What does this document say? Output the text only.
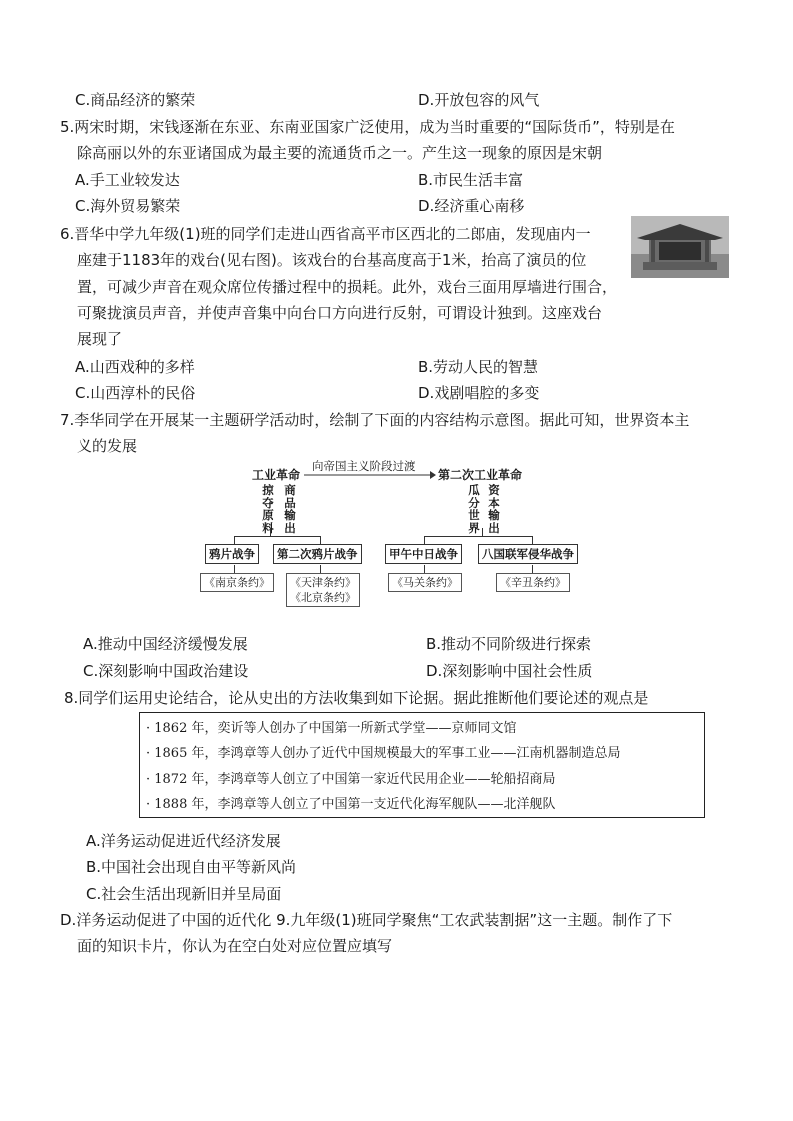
C.商品经济的繁荣	D.开放包容的风气
5.两宋时期，宋钱逐渐在东亚、东南亚国家广泛使用，成为当时重要的“国际货币”，特别是在
除高丽以外的东亚诸国成为最主要的流通货币之一。产生这一现象的原因是宋朝
A.手工业较发达	B.市民生活丰富
C.海外贸易繁荣	D.经济重心南移
6.晋华中学九年级(1)班的同学们走进山西省高平市区西北的二郎庙，发现庙内一
座建于1183年的戏台(见右图)。该戏台的台基高度高于1米，抬高了演员的位
置，可减少声音在观众席位传播过程中的损耗。此外，戏台三面用厚墙进行围合，
可聚拢演员声音，并使声音集中向台口方向进行反射，可谓设计独到。这座戏台
展现了
A.山西戏种的多样	B.劳动人民的智慧
C.山西淳朴的民俗	D.戏剧唱腔的多变
7.李华同学在开展某一主题研学活动时，绘制了下面的内容结构示意图。据此可知，世界资本主
义的发展
工业革命
向帝国主义阶段过渡
第二次工业革命
掠夺原料
商品输出
瓜分世界
资本输出
鸦片战争	第二次鸦片战争	甲午中日战争	八国联军侵华战争
《南京条约》	《天津条约》
《北京条约》
《马关条约》	《辛丑条约》
A.推动中国经济缓慢发展	B.推动不同阶级进行探索
C.深刻影响中国政治建设	D.深刻影响中国社会性质
8.同学们运用史论结合，论从史出的方法收集到如下论据。据此推断他们要论述的观点是
· 1862 年，奕䜣等人创办了中国第一所新式学堂——京师同文馆
· 1865 年，李鸿章等人创办了近代中国规模最大的军事工业——江南机器制造总局
· 1872 年，李鸿章等人创立了中国第一家近代民用企业——轮船招商局
· 1888 年，李鸿章等人创立了中国第一支近代化海军舰队——北洋舰队
A.洋务运动促进近代经济发展
B.中国社会出现自由平等新风尚
C.社会生活出现新旧并呈局面
D.洋务运动促进了中国的近代化 9.九年级(1)班同学聚焦“工农武装割据”这一主题。制作了下
面的知识卡片，你认为在空白处对应位置应填写
